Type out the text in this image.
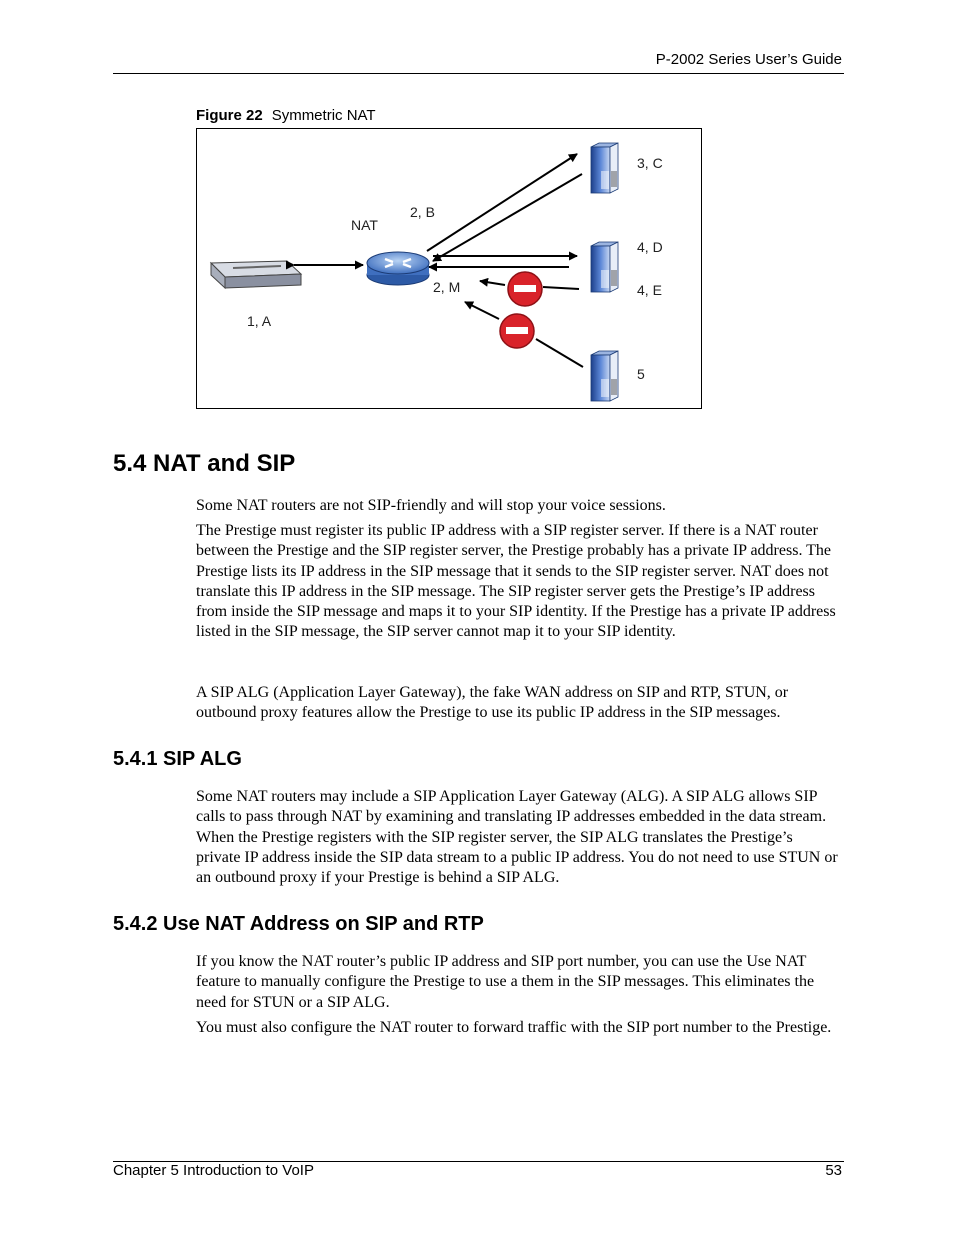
P-2002 Series User’s Guide
Figure 22 Symmetric NAT
NAT
1, A
2, B
2, M
3, C
4, D
4, E
5
5.4 NAT and SIP

Some NAT routers are not SIP-friendly and will stop your voice sessions.

The Prestige must register its public IP address with a SIP register server. If there is a NAT router between the Prestige and the SIP register server, the Prestige probably has a private IP address. The Prestige lists its IP address in the SIP message that it sends to the SIP register server. NAT does not translate this IP address in the SIP message. The SIP register server gets the Prestige’s IP address from inside the SIP message and maps it to your SIP identity. If the Prestige has a private IP address listed in the SIP message, the SIP server cannot map it to your SIP identity.

A SIP ALG (Application Layer Gateway), the fake WAN address on SIP and RTP, STUN, or outbound proxy features allow the Prestige to use its public IP address in the SIP messages.

5.4.1 SIP ALG

Some NAT routers may include a SIP Application Layer Gateway (ALG). A SIP ALG allows SIP calls to pass through NAT by examining and translating IP addresses embedded in the data stream. When the Prestige registers with the SIP register server, the SIP ALG translates the Prestige’s private IP address inside the SIP data stream to a public IP address. You do not need to use STUN or an outbound proxy if your Prestige is behind a SIP ALG.

5.4.2 Use NAT Address on SIP and RTP

If you know the NAT router’s public IP address and SIP port number, you can use the Use NAT feature to manually configure the Prestige to use a them in the SIP messages. This eliminates the need for STUN or a SIP ALG.

You must also configure the NAT router to forward traffic with the SIP port number to the Prestige.

Chapter 5 Introduction to VoIP	53
